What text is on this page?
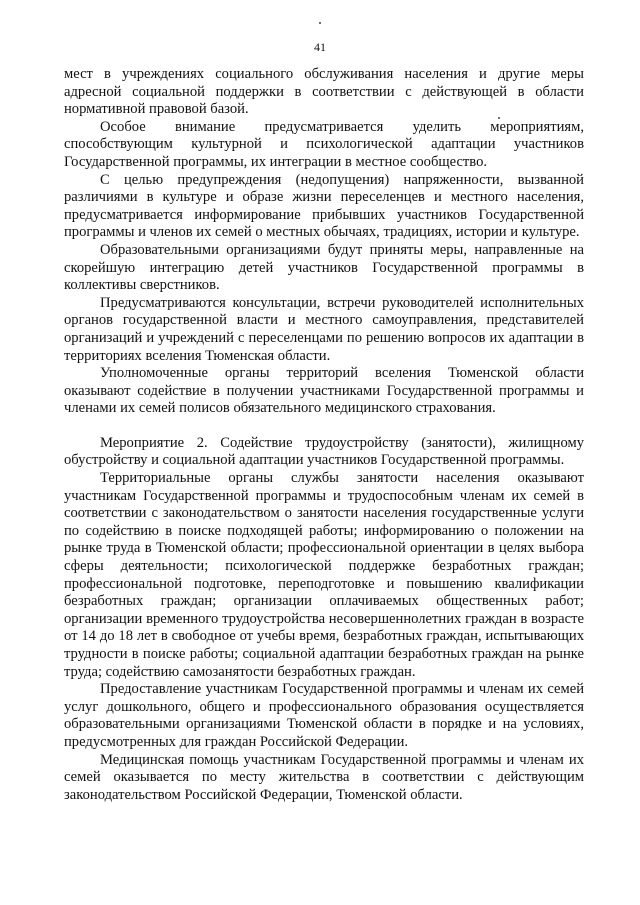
41

мест в учреждениях социального обслуживания населения и другие меры адресной социальной поддержки в соответствии с действующей в области нормативной правовой базой.

Особое внимание предусматривается уделить мероприятиям, способствующим культурной и психологической адаптации участников Государственной программы, их интеграции в местное сообщество.

С целью предупреждения (недопущения) напряженности, вызванной различиями в культуре и образе жизни переселенцев и местного населения, предусматривается информирование прибывших участников Государственной программы и членов их семей о местных обычаях, традициях, истории и культуре.

Образовательными организациями будут приняты меры, направленные на скорейшую интеграцию детей участников Государственной программы в коллективы сверстников.

Предусматриваются консультации, встречи руководителей исполнительных органов государственной власти и местного самоуправления, представителей организаций и учреждений с переселенцами по решению вопросов их адаптации в территориях вселения Тюменская области.

Уполномоченные органы территорий вселения Тюменской области оказывают содействие в получении участниками Государственной программы и членами их семей полисов обязательного медицинского страхования.

Мероприятие 2. Содействие трудоустройству (занятости), жилищному обустройству и социальной адаптации участников Государственной программы.

Территориальные органы службы занятости населения оказывают участникам Государственной программы и трудоспособным членам их семей в соответствии с законодательством о занятости населения государственные услуги по содействию в поиске подходящей работы; информированию о положении на рынке труда в Тюменской области; профессиональной ориентации в целях выбора сферы деятельности; психологической поддержке безработных граждан; профессиональной подготовке, переподготовке и повышению квалификации безработных граждан; организации оплачиваемых общественных работ; организации временного трудоустройства несовершеннолетних граждан в возрасте от 14 до 18 лет в свободное от учебы время, безработных граждан, испытывающих трудности в поиске работы; социальной адаптации безработных граждан на рынке труда; содействию самозанятости безработных граждан.

Предоставление участникам Государственной программы и членам их семей услуг дошкольного, общего и профессионального образования осуществляется образовательными организациями Тюменской области в порядке и на условиях, предусмотренных для граждан Российской Федерации.

Медицинская помощь участникам Государственной программы и членам их семей оказывается по месту жительства в соответствии с действующим законодательством Российской Федерации, Тюменской области.
